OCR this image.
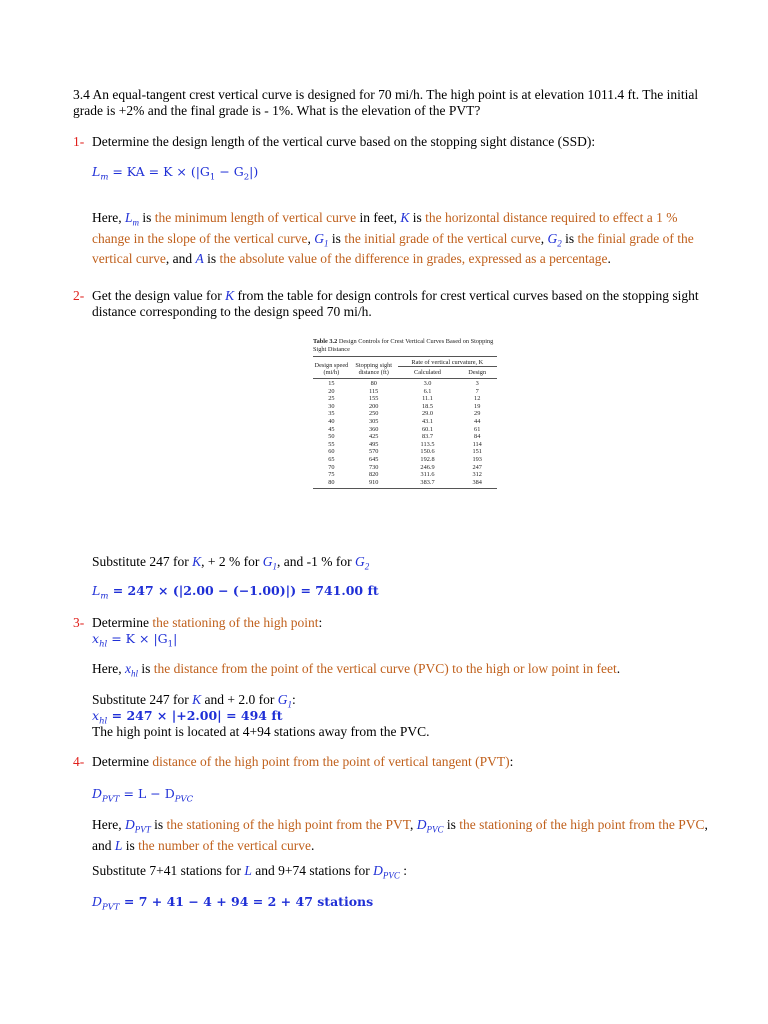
3.4 An equal-tangent crest vertical curve is designed for 70 mi/h. The high point is at elevation 1011.4 ft. The initial grade is +2% and the final grade is - 1%. What is the elevation of the PVT?
1- Determine the design length of the vertical curve based on the stopping sight distance (SSD):
$L_m$ = KA = $K \times (|G_1 - G_2|)$
Here, $L_m$ is the minimum length of vertical curve in feet, K is the horizontal distance required to effect a 1 % change in the slope of the vertical curve, $G_1$ is the initial grade of the vertical curve, $G_2$ is the finial grade of the vertical curve, and A is the absolute value of the difference in grades, expressed as a percentage.
2- Get the design value for K from the table for design controls for crest vertical curves based on the stopping sight distance corresponding to the design speed 70 mi/h.
Table 3.2 Design Controls for Crest Vertical Curves Based on Stopping Sight Distance
Design speed (mi/h)	Stopping sight distance (ft)	Rate of vertical curvature, K	
		Calculated	Design

15	80	3.0	3
20	115	6.1	7
25	155	11.1	12
30	200	18.5	19
35	250	29.0	29
40	305	43.1	44
45	360	60.1	61
50	425	83.7	84
55	495	113.5	114
60	570	150.6	151
65	645	192.8	193
70	730	246.9	247
75	820	311.6	312
80	910	383.7	384
Substitute 247 for K, + 2 % for $G_1$, and -1 % for $G_2$
$L_m = 247 \times (|2.00 - (-1.00)|) = 741.00$ ft
3- Determine the stationing of the high point:
$x_{hl} = K \times |G_1|$
Here, $x_{hl}$ is the distance from the point of the vertical curve (PVC) to the high or low point in feet.
Substitute 247 for K and + 2.0 for $G_1$:
$x_{hl} = 247 \times |+2.00| = 494$ ft
The high point is located at 4+94 stations away from the PVC.
4- Determine distance of the high point from the point of vertical tangent (PVT):
$D_{PVT} = L - D_{PVC}$
Here, $D_{PVT}$ is the stationing of the high point from the PVT, $D_{PVC}$ is the stationing of the high point from the PVC, and L is the number of the vertical curve.
Substitute 7+41 stations for L and 9+74 stations for $D_{PVC}$ :
$D_{PVT} = 7 + 41 - 4 + 94 = 2 + 47$ stations
